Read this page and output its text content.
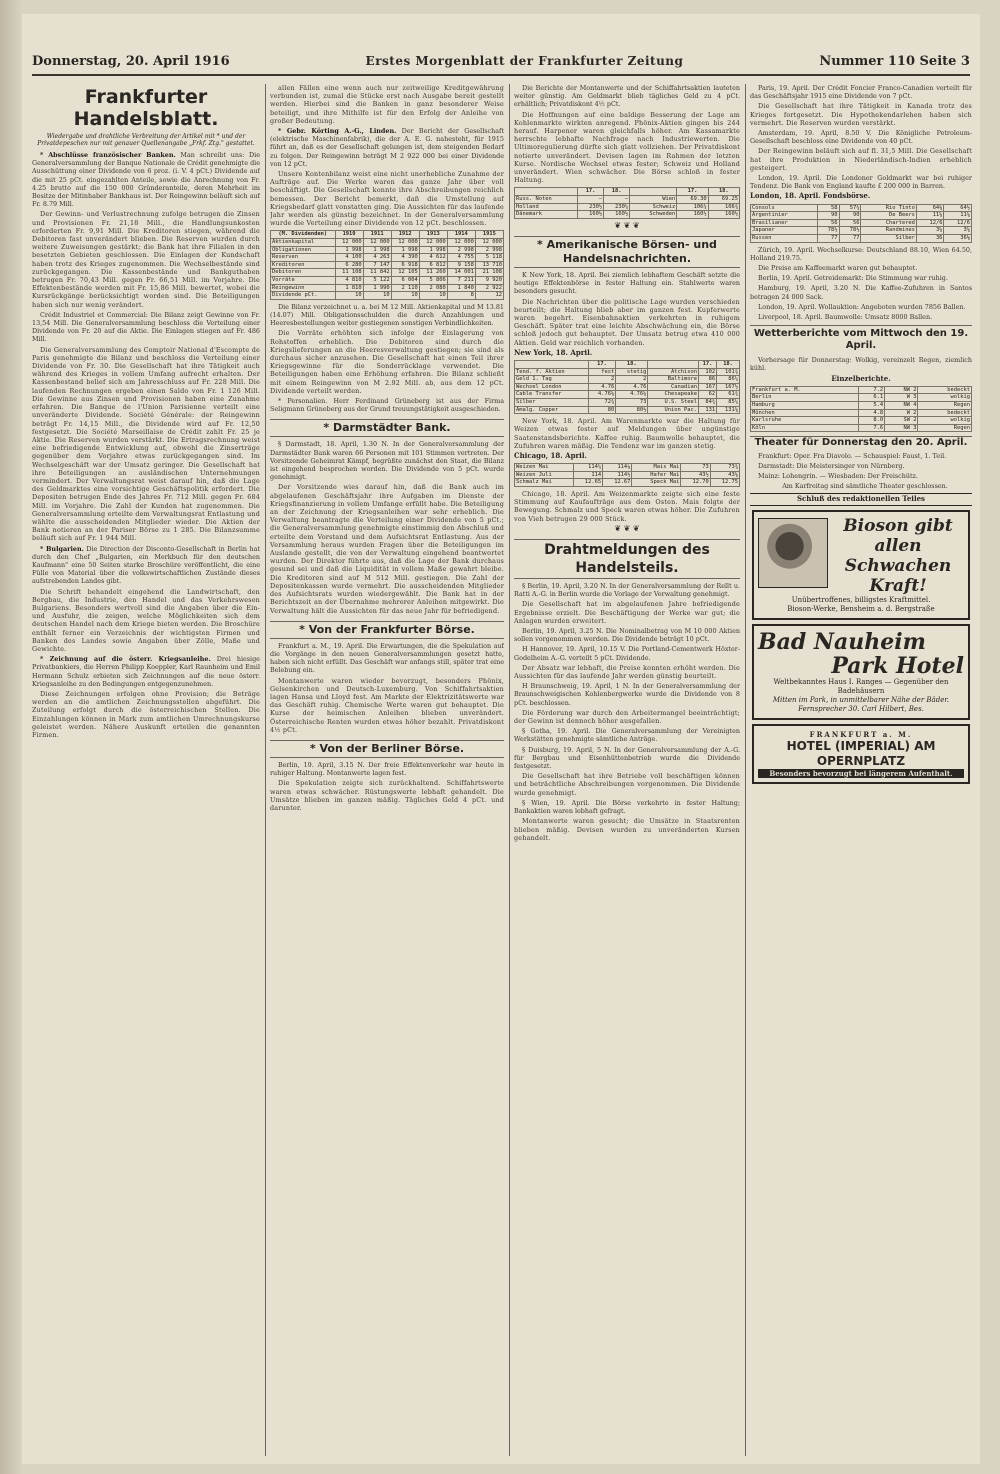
Donnerstag, 20. April 1916	Erstes Morgenblatt der Frankfurter Zeitung	Nummer 110 Seite 3
Frankfurter Handelsblatt.
Wiedergabe und drahtliche Verbreitung der Artikel mit * und der Privatdepeschen nur mit genauer Quellenangabe „Frkf. Ztg." gestattet.

* Abschlüsse französischer Banken. Man schreibt uns: Die Generalversammlung der Banque Nationale de Crédit genehmigte die Ausschüttung einer Dividende von 6 proz. (i. V. 4 pCt.) Dividende auf die mit 25 pCt. eingezahlten Anteile, sowie die Anrechnung von Fr. 4.25 brutto auf die 150 000 Gründeranteile, deren Mehrheit im Besitze der Mitinhaber Bankhaus ist. Der Reingewinn beläuft sich auf Fr. 8.79 Mill.

Der Gewinn- und Verlustrechnung zufolge betrugen die Zinsen und Provisionen Fr. 21,18 Mill., die Handlungsunkosten erforderten Fr. 9,91 Mill. Die Kreditoren stiegen, während die Debitoren fast unverändert blieben. Die Reserven wurden durch weitere Zuweisungen gestärkt; die Bank hat ihre Filialen in den besetzten Gebieten geschlossen. Die Einlagen der Kundschaft haben trotz des Krieges zugenommen. Die Wechselbestände sind zurückgegangen. Die Kassenbestände und Bankguthaben betrugen Fr. 70,43 Mill. gegen Fr. 66,51 Mill. im Vorjahre. Die Effektenbestände werden mit Fr. 15,86 Mill. bewertet, wobei die Kursrückgänge berücksichtigt worden sind. Die Beteiligungen haben sich nur wenig verändert.

Crédit Industriel et Commercial: Die Bilanz zeigt Gewinne von Fr. 13,54 Mill. Die Generalversammlung beschloss die Verteilung einer Dividende von Fr. 20 auf die Aktie. Die Einlagen stiegen auf Fr. 486 Mill.

Die Generalversammlung des Comptoir National d'Escompte de Paris genehmigte die Bilanz und beschloss die Verteilung einer Dividende von Fr. 30. Die Gesellschaft hat ihre Tätigkeit auch während des Krieges in vollem Umfang aufrecht erhalten. Der Kassenbestand belief sich am Jahresschluss auf Fr. 228 Mill. Die laufenden Rechnungen ergeben einen Saldo von Fr. 1 126 Mill. Die Gewinne aus Zinsen und Provisionen haben eine Zunahme erfahren. Die Banque de l'Union Parisienne verteilt eine unveränderte Dividende. Société Générale: der Reingewinn beträgt Fr. 14,15 Mill., die Dividende wird auf Fr. 12,50 festgesetzt. Die Société Marseillaise de Crédit zahlt Fr. 25 je Aktie. Die Reserven wurden verstärkt. Die Ertragsrechnung weist eine befriedigende Entwicklung auf, obwohl die Zinserträge gegenüber dem Vorjahre etwas zurückgegangen sind. Im Wechselgeschäft war der Umsatz geringer. Die Gesellschaft hat ihre Beteiligungen an ausländischen Unternehmungen vermindert. Der Verwaltungsrat weist darauf hin, daß die Lage des Geldmarktes eine vorsichtige Geschäftspolitik erfordert. Die Depositen betrugen Ende des Jahres Fr. 712 Mill. gegen Fr. 684 Mill. im Vorjahre. Die Zahl der Kunden hat zugenommen. Die Generalversammlung erteilte dem Verwaltungsrat Entlastung und wählte die ausscheidenden Mitglieder wieder. Die Aktien der Bank notieren an der Pariser Börse zu 1 285. Die Bilanzsumme beläuft sich auf Fr. 1 944 Mill.

* Bulgarien. Die Direction der Disconto-Gesellschaft in Berlin hat durch den Chef „Bulgarien, ein Merkbuch für den deutschen Kaufmann" eine 50 Seiten starke Broschüre veröffentlicht, die eine Fülle von Material über die volkswirtschaftlichen Zustände dieses aufstrebenden Landes gibt.

Die Schrift behandelt eingehend die Landwirtschaft, den Bergbau, die Industrie, den Handel und das Verkehrswesen Bulgariens. Besonders wertvoll sind die Angaben über die Ein- und Ausfuhr, die zeigen, welche Möglichkeiten sich dem deutschen Handel nach dem Kriege bieten werden. Die Broschüre enthält ferner ein Verzeichnis der wichtigsten Firmen und Banken des Landes sowie Angaben über Zölle, Maße und Gewichte.

* Zeichnung auf die österr. Kriegsanleihe. Drei hiesige Privatbankiers, die Herren Philipp Koeppler, Karl Raunheim und Emil Hermann Schulz erbieten sich Zeichnungen auf die neue österr. Kriegsanleihe zu den Bedingungen entgegenzunehmen.

Diese Zeichnungen erfolgen ohne Provision; die Beträge werden an die amtlichen Zeichnungsstellen abgeführt. Die Zuteilung erfolgt durch die österreichischen Stellen. Die Einzahlungen können in Mark zum amtlichen Umrechnungskurse geleistet werden. Nähere Auskunft erteilen die genannten Firmen.

allen Fällen eine wenn auch nur zeitweilige Kreditgewährung verbunden ist, zumal die Stücke erst nach Ausgabe bereit gestellt werden. Hierbei sind die Banken in ganz besonderer Weise beteiligt, und ihre Mithilfe ist für den Erfolg der Anleihe von großer Bedeutung.

* Gebr. Körting A.-G., Linden. Der Bericht der Gesellschaft (elektrische Maschinenfabrik), die der A. E. G. nahesteht, für 1915 führt an, daß es der Gesellschaft gelungen ist, dem steigenden Bedarf zu folgen. Der Reingewinn beträgt M 2 922 000 bei einer Dividende von 12 pCt.

Unsere Kontenbilanz weist eine nicht unerhebliche Zunahme der Aufträge auf. Die Werke waren das ganze Jahr über voll beschäftigt. Die Gesellschaft konnte ihre Abschreibungen reichlich bemessen. Der Bericht bemerkt, daß die Umstellung auf Kriegsbedarf glatt vonstatten ging. Die Aussichten für das laufende Jahr werden als günstig bezeichnet. In der Generalversammlung wurde die Verteilung einer Dividende von 12 pCt. beschlossen.

(M. Dividenden)	1910	1911	1912	1913	1914	1915
Aktienkapital	12 000	12 000	12 000	12 000	12 000	12 000
Obligationen	1 998	1 998	1 998	1 998	2 998	2 998
Reserven	4 100	4 263	4 390	4 612	4 755	5 118
Kreditoren	6 280	7 147	6 918	6 812	9 158	13 710
Debitoren	11 108	11 842	12 105	11 260	14 001	21 108
Vorräte	4 810	5 122	6 004	5 806	7 211	9 920
Reingewinn	1 810	1 990	2 110	2 080	1 840	2 922
Dividende pCt.	10	10	10	10	8	12

Die Bilanz verzeichnet u. a. bei M 12 Mill. Aktienkapital und M 13.81 (14.07) Mill. Obligationsschulden die durch Anzahlungen und Heeresbestellungen weiter gestiegenen sonstigen Verbindlichkeiten.

Die Vorräte erhöhten sich infolge der Einlagerung von Rohstoffen erheblich. Die Debitoren sind durch die Kriegslieferungen an die Heeresverwaltung gestiegen; sie sind als durchaus sicher anzusehen. Die Gesellschaft hat einen Teil ihrer Kriegsgewinne für die Sonderrücklage verwendet. Die Beteiligungen haben eine Erhöhung erfahren. Die Bilanz schließt mit einem Reingewinn von M 2.92 Mill. ab, aus dem 12 pCt. Dividende verteilt werden.

* Personalien. Herr Ferdinand Grüneberg ist aus der Firma Seligmann Grüneberg aus der Grund treuungstätigkeit ausgeschieden.

* Darmstädter Bank.

§ Darmstadt, 18. April, 1.30 N. In der Generalversammlung der Darmstädter Bank waren 66 Personen mit 101 Stimmen vertreten. Der Vorsitzende Geheimrat Kämpf, begrüßte zunächst den Staat, die Bilanz ist eingehend besprochen worden. Die Dividende von 5 pCt. wurde genehmigt.

Der Vorsitzende wies darauf hin, daß die Bank auch im abgelaufenen Geschäftsjahr ihre Aufgaben im Dienste der Kriegsfinanzierung in vollem Umfange erfüllt habe. Die Beteiligung an der Zeichnung der Kriegsanleihen war sehr erheblich. Die Verwaltung beantragte die Verteilung einer Dividende von 5 pCt.; die Generalversammlung genehmigte einstimmig den Abschluß und erteilte dem Vorstand und dem Aufsichtsrat Entlastung. Aus der Versammlung heraus wurden Fragen über die Beteiligungen im Auslande gestellt, die von der Verwaltung eingehend beantwortet wurden. Der Direktor führte aus, daß die Lage der Bank durchaus gesund sei und daß die Liquidität in vollem Maße gewahrt bleibe. Die Kreditoren sind auf M 512 Mill. gestiegen. Die Zahl der Depositenkassen wurde vermehrt. Die ausscheidenden Mitglieder des Aufsichtsrats wurden wiedergewählt. Die Bank hat in der Berichtszeit an der Übernahme mehrerer Anleihen mitgewirkt. Die Verwaltung hält die Aussichten für das neue Jahr für befriedigend.

* Von der Frankfurter Börse.

Frankfurt a. M., 19. April. Die Erwartungen, die die Spekulation auf die Vorgänge in den neuen Generalversammlungen gesetzt hatte, haben sich nicht erfüllt. Das Geschäft war anfangs still, später trat eine Belebung ein.

Montanwerte waren wieder bevorzugt, besonders Phönix, Gelsenkirchen und Deutsch-Luxemburg. Von Schiffahrtsaktien lagen Hansa und Lloyd fest. Am Markte der Elektrizitätswerte war das Geschäft ruhig. Chemische Werte waren gut behauptet. Die Kurse der heimischen Anleihen blieben unverändert. Österreichische Renten wurden etwas höher bezahlt. Privatdiskont 4½ pCt.

* Von der Berliner Börse.

Berlin, 19. April, 3.15 N. Der freie Effektenverkehr war heute in ruhiger Haltung. Montanwerte lagen fest.

Die Spekulation zeigte sich zurückhaltend. Schiffahrtswerte waren etwas schwächer. Rüstungswerte lebhaft gehandelt. Die Umsätze blieben im ganzen mäßig. Tägliches Geld 4 pCt. und darunter.

Die Berichte der Montanwerte und der Schiffahrtsaktien lauteten weiter günstig. Am Geldmarkt blieb tägliches Geld zu 4 pCt. erhältlich; Privatdiskont 4½ pCt.

Die Hoffnungen auf eine baldige Besserung der Lage am Kohlenmarkte wirkten anregend. Phönix-Aktien gingen bis 244 herauf. Harpener waren gleichfalls höher. Am Kassamarkte herrschte lebhafte Nachfrage nach Industriewerten. Die Ultimoregulierung dürfte sich glatt vollziehen. Der Privatdiskont notierte unverändert. Devisen lagen im Rahmen der letzten Kurse. Nordische Wechsel etwas fester; Schweiz und Holland unverändert. Wien schwächer. Die Börse schloß in fester Haltung.

	17.	18.		17.	18.
Russ. Noten	—	—	Wien	69.30	69.25
Holland	230½	230¼	Schweiz	106¾	106¾
Dänemark	160½	160½	Schweden	160½	160½
❦ ❦ ❦
* Amerikanische Börsen- und Handelsnachrichten.

K New York, 18. April. Bei ziemlich lebhaftem Geschäft setzte die heutige Effektenbörse in fester Haltung ein. Stahlwerte waren besonders gesucht.

Die Nachrichten über die politische Lage wurden verschieden beurteilt; die Haltung blieb aber im ganzen fest. Kupferwerte waren begehrt. Eisenbahnaktien verkehrten in ruhigem Geschäft. Später trat eine leichte Abschwächung ein, die Börse schloß jedoch gut behauptet. Der Umsatz betrug etwa 410 000 Aktien. Geld war reichlich vorhanden.

New York, 18. April.
	17.	18.		17.	18.
Tend. f. Aktien	fest	stetig	Atchison	102	101¾
Geld 1. Tag	2	2	Baltimore	86	86¼
Wechsel London	4.76	4.76	Canadian	167	167½
Cable Transfer	4.76⅝	4.76⅝	Chesapeake	62	61¾
Silber	72¾	73	U.S. Steel	84¾	85¼
Amalg. Copper	80	80½	Union Pac.	131	131⅝

New York, 18. April. Am Warenmarkte war die Haltung für Weizen etwas fester auf Meldungen über ungünstige Saatenstandsberichte. Kaffee ruhig. Baumwolle behauptet, die Zufuhren waren mäßig. Die Tendenz war im ganzen stetig.

Chicago, 18. April.
Weizen Mai	114¼	114⅞	Mais Mai	73	73¾
Weizen Juli	114	114½	Hafer Mai	43½	43⅝
Schmalz Mai	12.65	12.67	Speck Mai	12.70	12.75

Chicago, 18. April. Am Weizenmarkte zeigte sich eine feste Stimmung auf Kaufaufträge aus dem Osten. Mais folgte der Bewegung. Schmalz und Speck waren etwas höher. Die Zufuhren von Vieh betrugen 29 000 Stück.

❦ ❦ ❦
Drahtmeldungen des Handelsteils.

§ Berlin, 19. April, 3.20 N. In der Generalversammlung der Rellt u. Ratti A.-G. in Berlin wurde die Vorlage der Verwaltung genehmigt.

Die Gesellschaft hat im abgelaufenen Jahre befriedigende Ergebnisse erzielt. Die Beschäftigung der Werke war gut; die Anlagen wurden erweitert.

Berlin, 19. April, 3.25 N. Die Nominalbetrag von M 10 000 Aktien sollen vorgenommen werden. Die Dividende beträgt 10 pCt.

H Hannover, 19. April, 10.15 V. Die Portland-Cementwerk Höxter-Godelheim A.-G. verteilt 5 pCt. Dividende.

Der Absatz war lebhaft, die Preise konnten erhöht werden. Die Aussichten für das laufende Jahr werden günstig beurteilt.

H Braunschweig, 19. April, 1 N. In der Generalversammlung der Braunschweigischen Kohlenbergwerke wurde die Dividende von 8 pCt. beschlossen.

Die Förderung war durch den Arbeitermangel beeinträchtigt; der Gewinn ist dennoch höher ausgefallen.

§ Gotha, 19. April. Die Generalversammlung der Vereinigten Werkstätten genehmigte sämtliche Anträge.

§ Duisburg, 19. April, 5 N. In der Generalversammlung der A.-G. für Bergbau und Eisenhüttenbetrieb wurde die Dividende festgesetzt.

Die Gesellschaft hat ihre Betriebe voll beschäftigen können und beträchtliche Abschreibungen vorgenommen. Die Dividende wurde genehmigt.

§ Wien, 19. April. Die Börse verkehrte in fester Haltung; Bankaktien waren lebhaft gefragt.

Montanwerte waren gesucht; die Umsätze in Staatsrenten blieben mäßig. Devisen wurden zu unveränderten Kursen gehandelt.

Paris, 19. April. Der Crédit Foncier Franco-Canadien verteilt für das Geschäftsjahr 1915 eine Dividende von 7 pCt.

Die Gesellschaft hat ihre Tätigkeit in Kanada trotz des Krieges fortgesetzt. Die Hypothekendarlehen haben sich vermehrt. Die Reserven wurden verstärkt.

Amsterdam, 19. April, 8.50 V. Die Königliche Petroleum-Gesellschaft beschloss eine Dividende von 40 pCt.

Der Reingewinn beläuft sich auf fl. 31,5 Mill. Die Gesellschaft hat ihre Produktion in Niederländisch-Indien erheblich gesteigert.

London, 19. April. Die Londoner Goldmarkt war bei ruhiger Tendenz. Die Bank von England kaufte £ 200 000 in Barren.

London, 18. April. Fondsbörse.
Consols	58	57¾	Rio Tinto	64⅝	64½
Argentinier	90	90	De Beers	11⅝	11⅝
Brasilianer	56	56	Chartered	12/6	12/6
Japaner	78½	78½	Randmines	3⅝	3⅝
Russen	77	77	Silber	36	36⅛

Zürich, 19. April. Wechselkurse: Deutschland 88.10, Wien 64.50, Holland 219.75.

Die Preise am Kaffeemarkt waren gut behauptet.

Berlin, 19. April. Getreidemarkt: Die Stimmung war ruhig.

Hamburg, 19. April, 3.20 N. Die Kaffee-Zufuhren in Santos betragen 24 000 Sack.

London, 19. April. Wollauktion: Angeboten wurden 7856 Ballen.

Liverpool, 18. April. Baumwolle: Umsatz 8000 Ballen.

Wetterberichte vom Mittwoch den 19. April.

Vorhersage für Donnerstag: Wolkig, vereinzelt Regen, ziemlich kühl.

Einzelberichte.
Frankfurt a. M.	7.2	NW 2	bedeckt
Berlin	6.1	W 3	wolkig
Hamburg	5.4	NW 4	Regen
München	4.8	W 2	bedeckt
Karlsruhe	8.0	SW 2	wolkig
Köln	7.6	NW 3	Regen
Theater für Donnerstag den 20. April.

Frankfurt: Oper. Fra Diavolo. — Schauspiel: Faust, 1. Teil.

Darmstadt: Die Meistersinger von Nürnberg.

Mainz: Lohengrin. — Wiesbaden: Der Freischütz.

Am Karfreitag sind sämtliche Theater geschlossen.

Schluß des redaktionellen Teiles
Bioson gibt allen Schwachen Kraft!
Unübertroffenes, billigstes Kraftmittel.
Bioson-Werke, Bensheim a. d. Bergstraße
Bad Nauheim
Park Hotel
Weltbekanntes Haus I. Ranges — Gegenüber den Badehäusern
Mitten im Park, in unmittelbarer Nähe der Bäder. Fernsprecher 30. Carl Hilbert, Bes.
FRANKFURT a. M.
HOTEL (IMPERIAL) AM OPERNPLATZ
Besonders bevorzugt bei längerem Aufenthalt.
